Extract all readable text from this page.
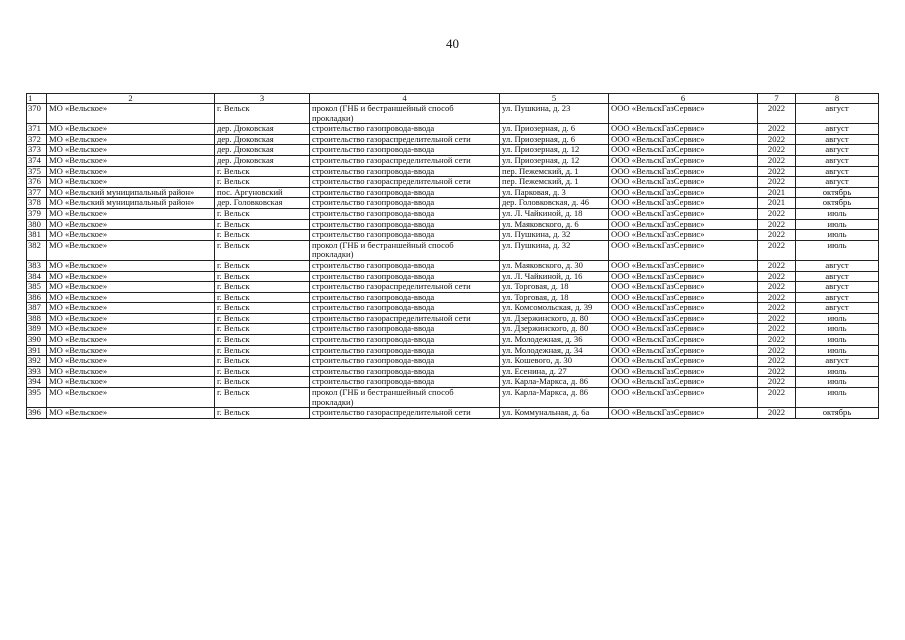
40
1	2	3	4	5	6	7	8
370	МО «Вельское»	г. Вельск	прокол (ГНБ и бестраншейный способ прокладки)	ул. Пушкина, д. 23	ООО «ВельскГазСервис»	2022	август
371	МО «Вельское»	дер. Дюковская	строительство газопровода-ввода	ул. Приозерная, д. 6	ООО «ВельскГазСервис»	2022	август
372	МО «Вельское»	дер. Дюковская	строительство газораспределительной сети	ул. Приозерная, д. 6	ООО «ВельскГазСервис»	2022	август
373	МО «Вельское»	дер. Дюковская	строительство газопровода-ввода	ул. Приозерная, д. 12	ООО «ВельскГазСервис»	2022	август
374	МО «Вельское»	дер. Дюковская	строительство газораспределительной сети	ул. Приозерная, д. 12	ООО «ВельскГазСервис»	2022	август
375	МО «Вельское»	г. Вельск	строительство газопровода-ввода	пер. Пежемский, д. 1	ООО «ВельскГазСервис»	2022	август
376	МО «Вельское»	г. Вельск	строительство газораспределительной сети	пер. Пежемский, д. 1	ООО «ВельскГазСервис»	2022	август
377	МО «Вельский муниципальный район»	пос. Аргуновский	строительство газопровода-ввода	ул. Парковая, д. 3	ООО «ВельскГазСервис»	2021	октябрь
378	МО «Вельский муниципальный район»	дер. Головковская	строительство газопровода-ввода	дер. Головковская, д. 46	ООО «ВельскГазСервис»	2021	октябрь
379	МО «Вельское»	г. Вельск	строительство газопровода-ввода	ул. Л. Чайкиной, д. 18	ООО «ВельскГазСервис»	2022	июль
380	МО «Вельское»	г. Вельск	строительство газопровода-ввода	ул. Маяковского, д. 6	ООО «ВельскГазСервис»	2022	июль
381	МО «Вельское»	г. Вельск	строительство газопровода-ввода	ул. Пушкина, д. 32	ООО «ВельскГазСервис»	2022	июль
382	МО «Вельское»	г. Вельск	прокол (ГНБ и бестраншейный способ прокладки)	ул. Пушкина, д. 32	ООО «ВельскГазСервис»	2022	июль
383	МО «Вельское»	г. Вельск	строительство газопровода-ввода	ул. Маяковского, д. 30	ООО «ВельскГазСервис»	2022	август
384	МО «Вельское»	г. Вельск	строительство газопровода-ввода	ул. Л. Чайкиной, д. 16	ООО «ВельскГазСервис»	2022	август
385	МО «Вельское»	г. Вельск	строительство газораспределительной сети	ул. Торговая, д. 18	ООО «ВельскГазСервис»	2022	август
386	МО «Вельское»	г. Вельск	строительство газопровода-ввода	ул. Торговая, д. 18	ООО «ВельскГазСервис»	2022	август
387	МО «Вельское»	г. Вельск	строительство газопровода-ввода	ул. Комсомольская, д. 39	ООО «ВельскГазСервис»	2022	август
388	МО «Вельское»	г. Вельск	строительство газораспределительной сети	ул. Дзержинского, д. 80	ООО «ВельскГазСервис»	2022	июль
389	МО «Вельское»	г. Вельск	строительство газопровода-ввода	ул. Дзержинского, д. 80	ООО «ВельскГазСервис»	2022	июль
390	МО «Вельское»	г. Вельск	строительство газопровода-ввода	ул. Молодежная, д. 36	ООО «ВельскГазСервис»	2022	июль
391	МО «Вельское»	г. Вельск	строительство газопровода-ввода	ул. Молодежная, д. 34	ООО «ВельскГазСервис»	2022	июль
392	МО «Вельское»	г. Вельск	строительство газопровода-ввода	ул. Кошевого, д. 30	ООО «ВельскГазСервис»	2022	август
393	МО «Вельское»	г. Вельск	строительство газопровода-ввода	ул. Есенина, д. 27	ООО «ВельскГазСервис»	2022	июль
394	МО «Вельское»	г. Вельск	строительство газопровода-ввода	ул. Карла-Маркса, д. 86	ООО «ВельскГазСервис»	2022	июль
395	МО «Вельское»	г. Вельск	прокол (ГНБ и бестраншейный способ прокладки)	ул. Карла-Маркса, д. 86	ООО «ВельскГазСервис»	2022	июль
396	МО «Вельское»	г. Вельск	строительство газораспределительной сети	ул. Коммунальная, д. 6а	ООО «ВельскГазСервис»	2022	октябрь
